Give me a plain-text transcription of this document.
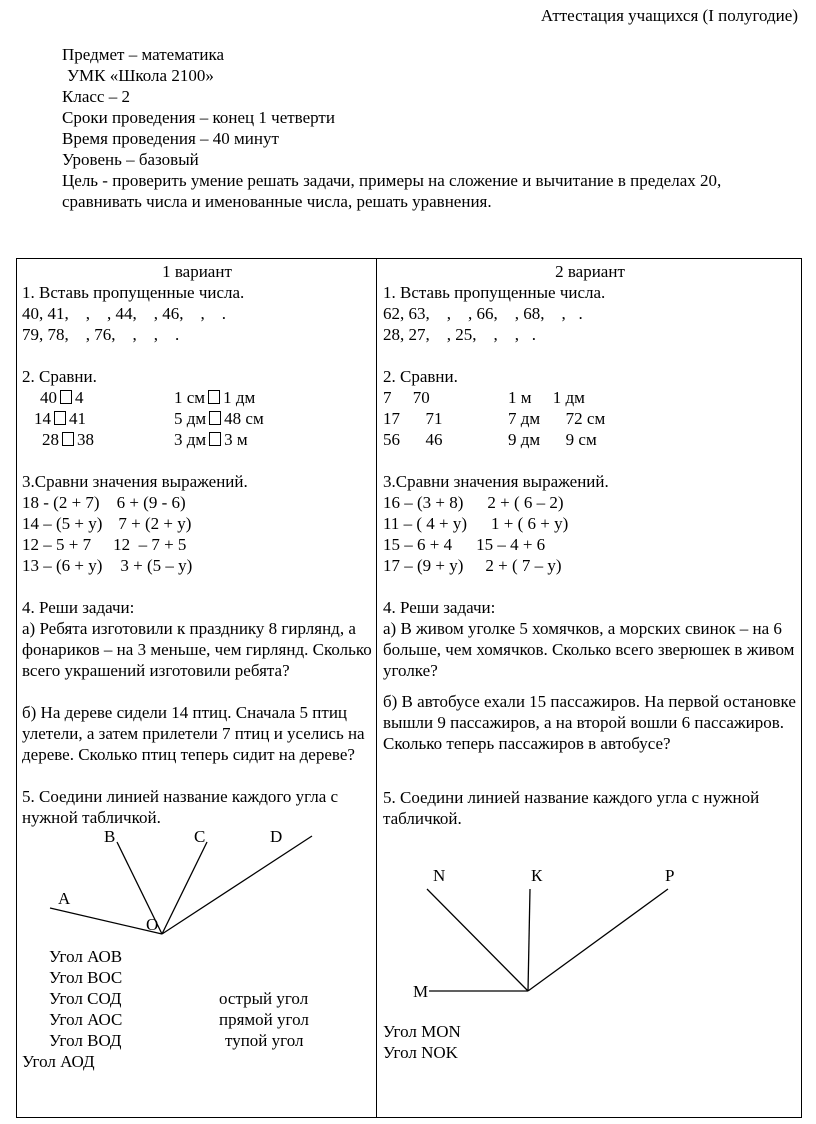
Аттестация учащихся (I полугодие)
Предмет – математика
УМК «Школа 2100»
Класс – 2
Сроки проведения – конец 1 четверти
Время проведения – 40 минут
Уровень – базовый
Цель - проверить умение решать задачи, примеры на сложение и вычитание в пределах 20, сравнивать числа и именованные числа, решать уравнения.
1 вариант
1. Вставь пропущенные числа.
40, 41,    ,    , 44,    , 46,    ,    .
79, 78,    , 76,    ,    ,    .
2. Сравни.
40 4	1 см 1 дм
14 41	5 дм 48 см
28 38	3 дм 3 м
3.Сравни значения выражений.
18 - (2 + 7) 6 + (9 - 6)
14 – (5 + у) 7 + (2 + у)
12 – 5 + 7 12  – 7 + 5
13 – (6 + у) 3 + (5 – у)
4. Реши задачи:
а) Ребята изготовили к празднику 8 гирлянд, а фонариков – на 3 меньше, чем гирлянд. Сколько всего украшений изготовили ребята?
б) На дереве сидели 14 птиц. Сначала 5 птиц улетели, а затем прилетели 7 птиц и уселись на дереве. Сколько птиц теперь сидит на дереве?
5. Соедини линией название каждого угла с нужной табличкой.
В	С	D
А
О
Угол АОВ
Угол ВОС
Угол СОД	острый угол
Угол АОС	прямой угол
Угол ВОД	тупой угол
Угол АОД
2 вариант
1. Вставь пропущенные числа.
62, 63,    ,    , 66,    , 68,    ,   .
28, 27,    , 25,    ,    ,   .
2. Сравни.
7     70	1 м     1 дм
17      71	7 дм      72 см
56      46	9 дм      9 см
3.Сравни значения выражений.
16 – (3 + 8) 2 + ( 6 – 2)
11 – ( 4 + у) 1 + ( 6 + у)
15 – 6 + 4 15 – 4 + 6
17 – (9 + у) 2 + ( 7 – у)
4. Реши задачи:
а) В живом уголке 5 хомячков, а морских свинок – на 6 больше, чем хомячков. Сколько всего зверюшек в живом уголке?
б) В автобусе ехали 15 пассажиров. На первой остановке вышли 9 пассажиров, а на второй вошли 6 пассажиров. Сколько теперь пассажиров в автобусе?
5. Соедини линией название каждого угла с нужной табличкой.
N	К	Р
М
Угол MON
Угол NOK
